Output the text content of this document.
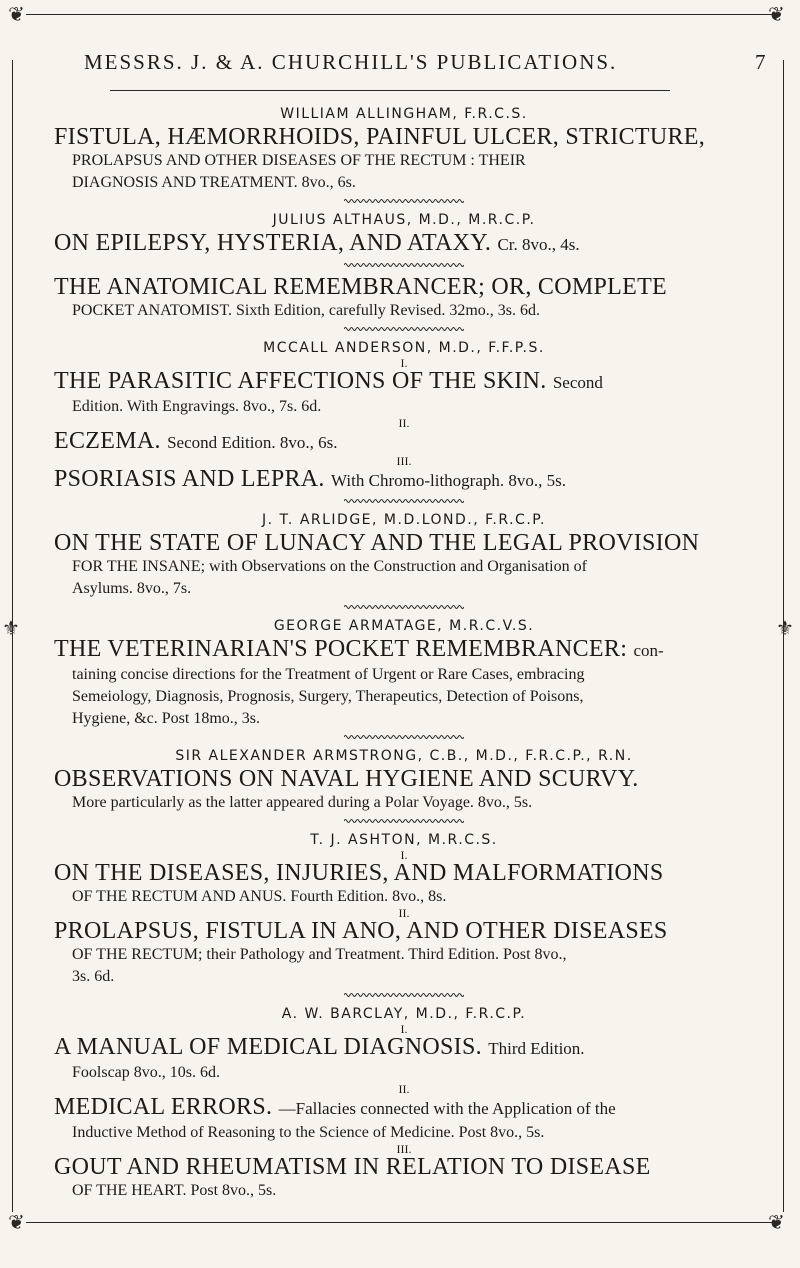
❦	❦
❦	❦
⚜	⚜
MESSRS. J. & A. CHURCHILL'S PUBLICATIONS.	7

WILLIAM ALLINGHAM, F.R.C.S.

FISTULA, HÆMORRHOIDS, PAINFUL ULCER, STRICTURE,

PROLAPSUS AND OTHER DISEASES OF THE RECTUM : THEIR

DIAGNOSIS AND TREATMENT. 8vo., 6s.

JULIUS ALTHAUS, M.D., M.R.C.P.

ON EPILEPSY, HYSTERIA, AND ATAXY. Cr. 8vo., 4s.

THE ANATOMICAL REMEMBRANCER; OR, COMPLETE

POCKET ANATOMIST. Sixth Edition, carefully Revised. 32mo., 3s. 6d.

MCCALL ANDERSON, M.D., F.F.P.S.

I.

THE PARASITIC AFFECTIONS OF THE SKIN. Second

Edition. With Engravings. 8vo., 7s. 6d.

II.

ECZEMA. Second Edition. 8vo., 6s.

III.

PSORIASIS AND LEPRA. With Chromo-lithograph. 8vo., 5s.

J. T. ARLIDGE, M.D.LOND., F.R.C.P.

ON THE STATE OF LUNACY AND THE LEGAL PROVISION

FOR THE INSANE; with Observations on the Construction and Organisation of

Asylums. 8vo., 7s.

GEORGE ARMATAGE, M.R.C.V.S.

THE VETERINARIAN'S POCKET REMEMBRANCER: con-

taining concise directions for the Treatment of Urgent or Rare Cases, embracing

Semeiology, Diagnosis, Prognosis, Surgery, Therapeutics, Detection of Poisons,

Hygiene, &c. Post 18mo., 3s.

SIR ALEXANDER ARMSTRONG, C.B., M.D., F.R.C.P., R.N.

OBSERVATIONS ON NAVAL HYGIENE AND SCURVY.

More particularly as the latter appeared during a Polar Voyage. 8vo., 5s.

T. J. ASHTON, M.R.C.S.

I.

ON THE DISEASES, INJURIES, AND MALFORMATIONS

OF THE RECTUM AND ANUS. Fourth Edition. 8vo., 8s.

II.

PROLAPSUS, FISTULA IN ANO, AND OTHER DISEASES

OF THE RECTUM; their Pathology and Treatment. Third Edition. Post 8vo.,

3s. 6d.

A. W. BARCLAY, M.D., F.R.C.P.

I.

A MANUAL OF MEDICAL DIAGNOSIS. Third Edition.

Foolscap 8vo., 10s. 6d.

II.

MEDICAL ERRORS. —Fallacies connected with the Application of the

Inductive Method of Reasoning to the Science of Medicine. Post 8vo., 5s.

III.

GOUT AND RHEUMATISM IN RELATION TO DISEASE

OF THE HEART. Post 8vo., 5s.
